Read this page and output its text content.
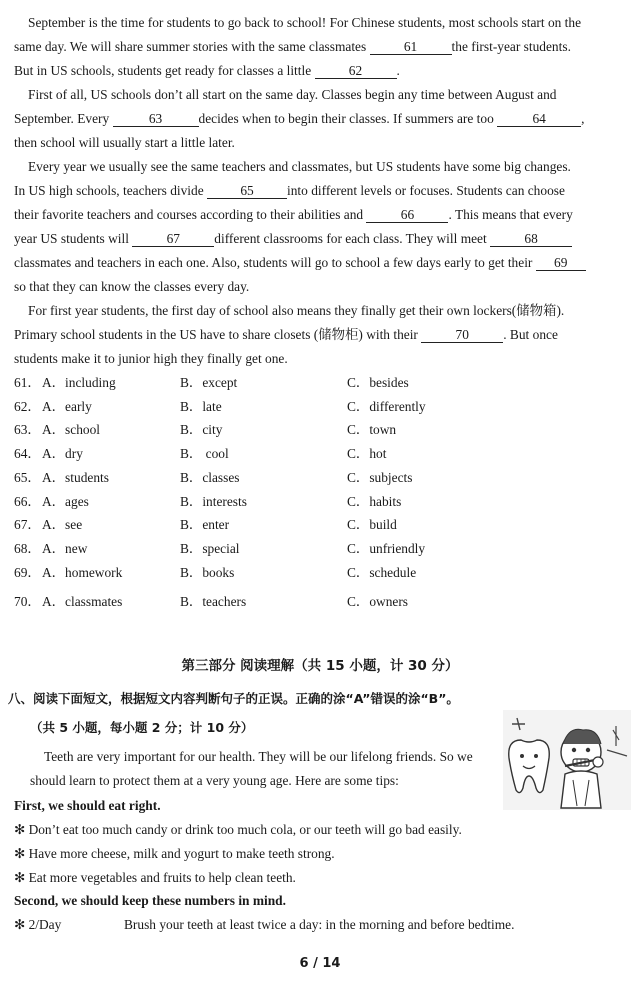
September is the time for students to go back to school! For Chinese students, most schools start on the
same day. We will share summer stories with the same classmates	61	the first-year students.
But in US schools, students get ready for classes a little	62	.
First of all, US schools don’t all start on the same day. Classes begin any time between August and
September. Every	63	decides when to begin their classes. If summers are too	64	,
then school will usually start a little later.
Every year we usually see the same teachers and classmates, but US students have some big changes.
In US high schools, teachers divide 65 into different levels or focuses. Students can choose
their favorite teachers and courses according to their abilities and	66	. This means that every
year US students will	67	different classrooms for each class. They will meet	68
classmates and teachers in each one. Also, students will go to school a few days early to get their 69
so that they can know the classes every day.
For first year students, the first day of school also means they finally get their own lockers(储物箱).
Primary school students in the US have to share closets (储物柜) with their	70	. But once
students make it to junior high they finally get one.
61． A．including	B．except	C．besides
62． A．early	B．late	C．differently
63． A．school	B．city	C．town
64． A．dry	B． cool	C．hot
65． A．students	B．classes	C．subjects
66． A．ages	B．interests	C．habits
67． A．see	B．enter	C．build
68． A．new	B．special	C．unfriendly
69． A．homework	B．books	C．schedule
70． A．classmates	B．teachers	C．owners
第三部分 阅读理解（共 15 小题，计 30 分）
八、阅读下面短文，根据短文内容判断句子的正误。正确的涂“A”错误的涂“B”。
（共 5 小题，每小题 2 分；计 10 分）
Teeth are very important for our health. They will be our lifelong friends. So we
should learn to protect them at a very young age. Here are some tips:
First, we should eat right.
✻ Don’t eat too much candy or drink too much cola, or our teeth will go bad easily.
✻ Have more cheese, milk and yogurt to make teeth strong.
✻ Eat more vegetables and fruits to help clean teeth.
Second, we should keep these numbers in mind.
✻ 2/Day	Brush your teeth at least twice a day: in the morning and before bedtime.
6 / 14
